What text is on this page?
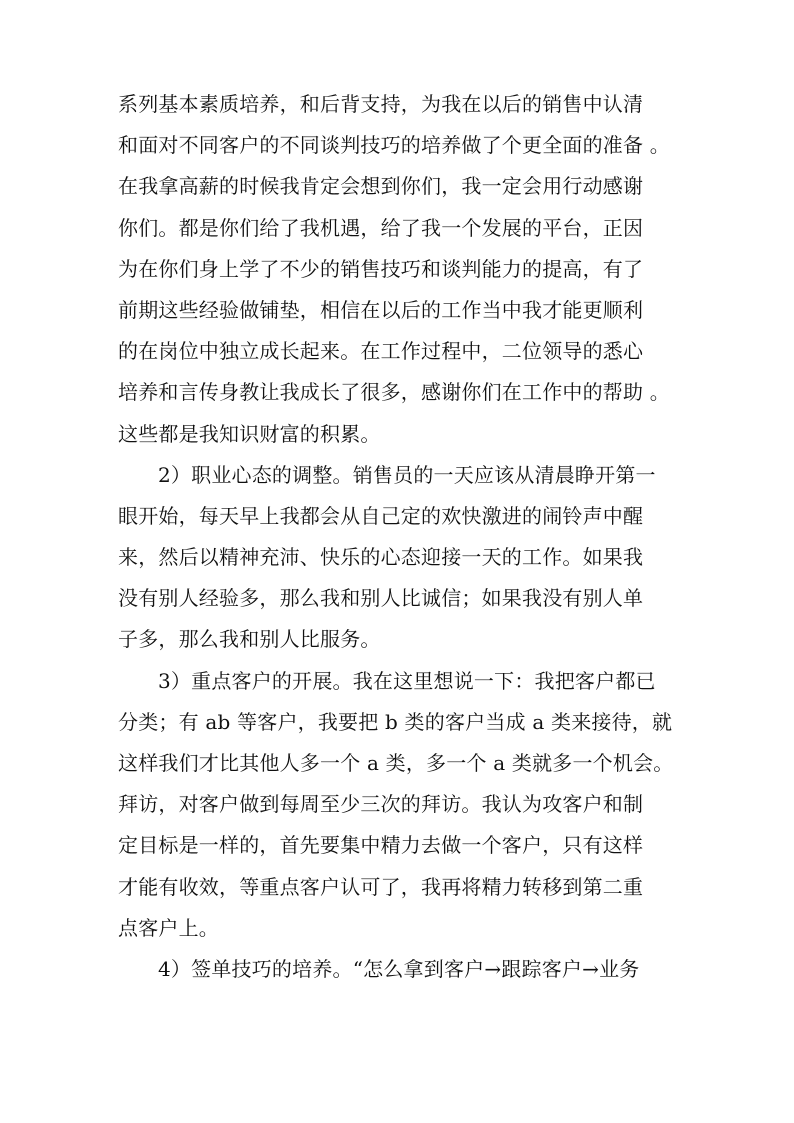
系列基本素质培养，和后背支持，为我在以后的销售中认清
和面对不同客户的不同谈判技巧的培养做了个更全面的准备 。
在我拿高薪的时候我肯定会想到你们，我一定会用行动感谢
你们。都是你们给了我机遇，给了我一个发展的平台，正因
为在你们身上学了不少的销售技巧和谈判能力的提高，有了
前期这些经验做铺垫，相信在以后的工作当中我才能更顺利
的在岗位中独立成长起来。在工作过程中，二位领导的悉心
培养和言传身教让我成长了很多，感谢你们在工作中的帮助 。
这些都是我知识财富的积累。
2）职业心态的调整。销售员的一天应该从清晨睁开第一
眼开始，每天早上我都会从自己定的欢快激进的闹铃声中醒
来，然后以精神充沛、快乐的心态迎接一天的工作。如果我
没有别人经验多，那么我和别人比诚信；如果我没有别人单
子多，那么我和别人比服务。
3）重点客户的开展。我在这里想说一下：我把客户都已
分类；有 ab 等客户，我要把 b 类的客户当成 a 类来接待，就
这样我们才比其他人多一个 a 类，多一个 a 类就多一个机会。
拜访，对客户做到每周至少三次的拜访。我认为攻客户和制
定目标是一样的，首先要集中精力去做一个客户，只有这样
才能有收效，等重点客户认可了，我再将精力转移到第二重
点客户上。
4）签单技巧的培养。“怎么拿到客户→跟踪客户→业务
